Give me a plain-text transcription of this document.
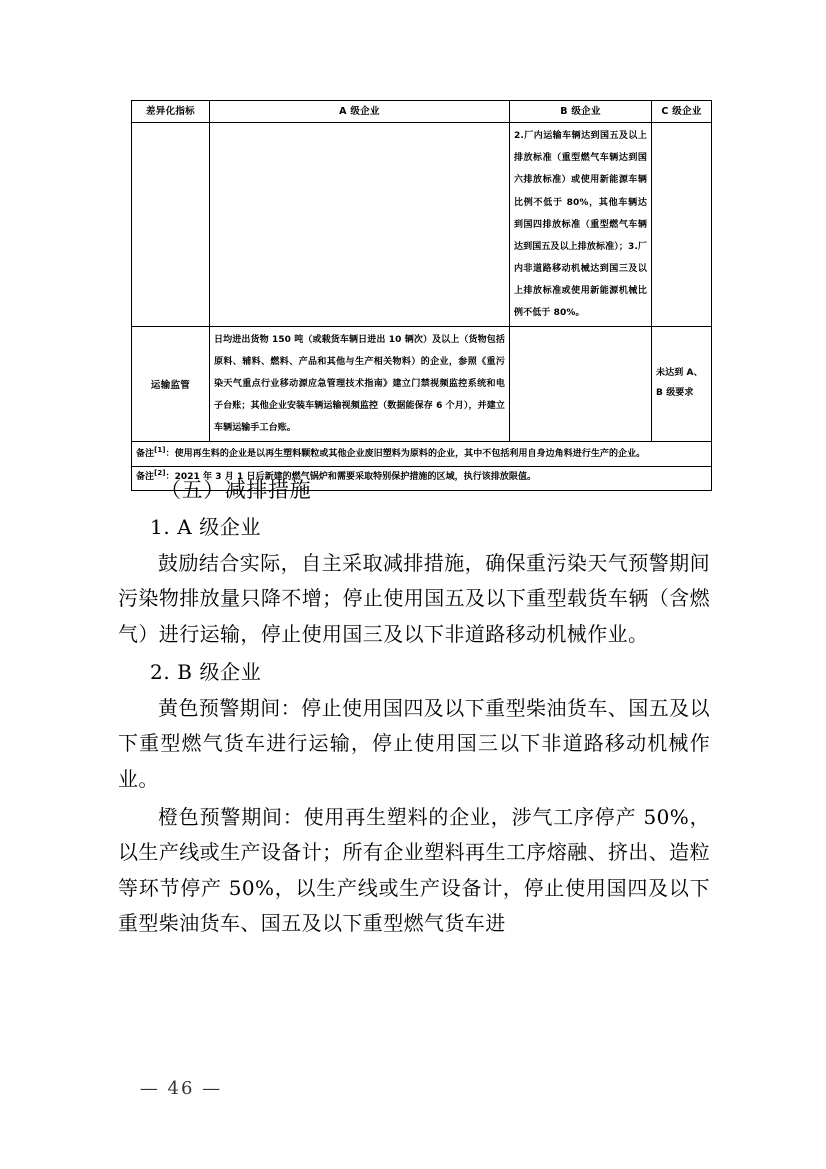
差异化指标	A 级企业	B 级企业	C 级企业
		2.厂内运输车辆达到国五及以上排放标准（重型燃气车辆达到国六排放标准）或使用新能源车辆比例不低于 80%，其他车辆达到国四排放标准（重型燃气车辆达到国五及以上排放标准）；3.厂内非道路移动机械达到国三及以上排放标准或使用新能源机械比例不低于 80%。	
运输监管	日均进出货物 150 吨（或载货车辆日进出 10 辆次）及以上（货物包括原料、辅料、燃料、产品和其他与生产相关物料）的企业，参照《重污染天气重点行业移动源应急管理技术指南》建立门禁视频监控系统和电子台账；其他企业安装车辆运输视频监控（数据能保存 6 个月），并建立车辆运输手工台账。		未达到 A、B 级要求
备注[1]：使用再生料的企业是以再生塑料颗粒或其他企业废旧塑料为原料的企业，其中不包括利用自身边角料进行生产的企业。			
备注[2]：2021 年 3 月 1 日后新建的燃气锅炉和需要采取特别保护措施的区域，执行该排放限值。			

（五）减排措施

1. A 级企业

鼓励结合实际，自主采取减排措施，确保重污染天气预警期间污染物排放量只降不增；停止使用国五及以下重型载货车辆（含燃气）进行运输，停止使用国三及以下非道路移动机械作业。

2. B 级企业

黄色预警期间：停止使用国四及以下重型柴油货车、国五及以下重型燃气货车进行运输，停止使用国三以下非道路移动机械作业。

橙色预警期间：使用再生塑料的企业，涉气工序停产 50%，以生产线或生产设备计；所有企业塑料再生工序熔融、挤出、造粒等环节停产 50%，以生产线或生产设备计，停止使用国四及以下重型柴油货车、国五及以下重型燃气货车进

— 46 —
